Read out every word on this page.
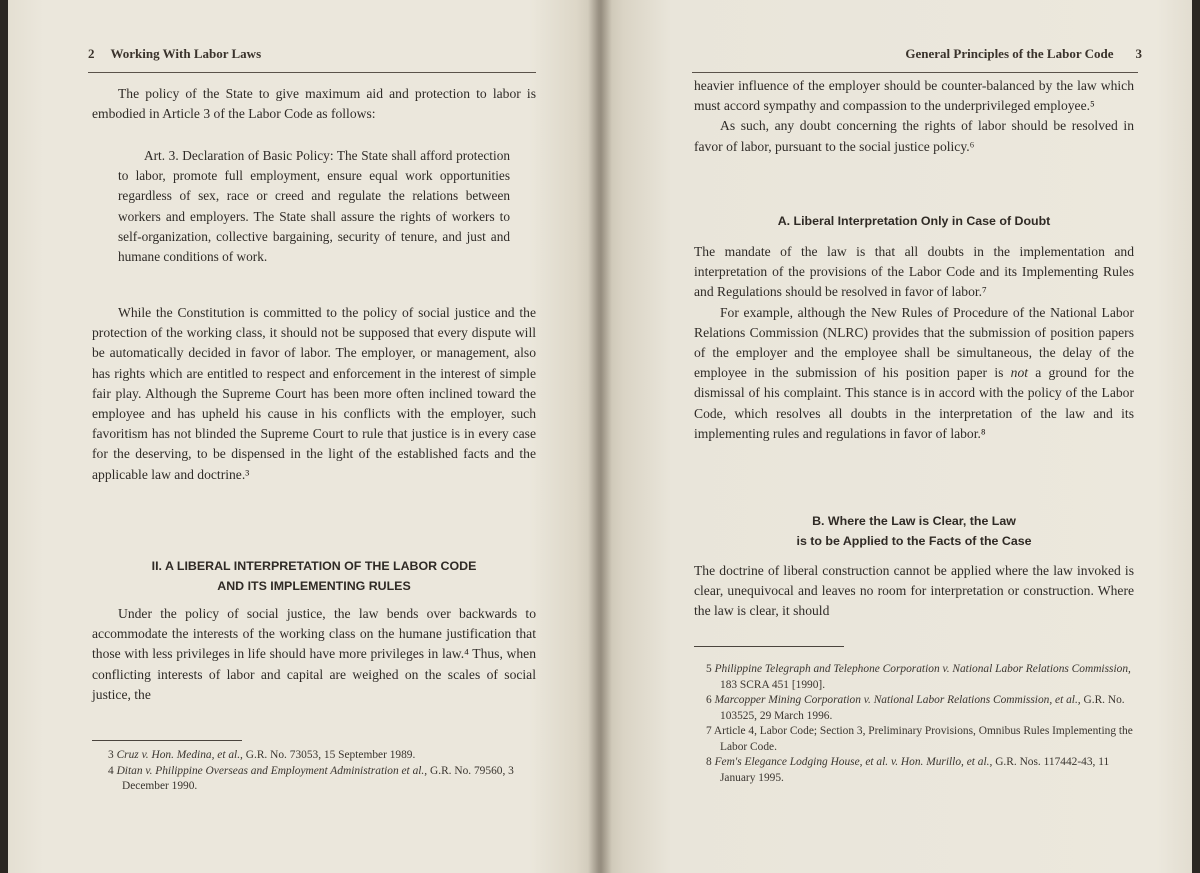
2 Working With Labor Laws

The policy of the State to give maximum aid and protection to labor is embodied in Article 3 of the Labor Code as follows:

Art. 3. Declaration of Basic Policy: The State shall afford protection to labor, promote full employment, ensure equal work opportunities regardless of sex, race or creed and regulate the relations between workers and employers. The State shall assure the rights of workers to self-organization, collective bargaining, security of tenure, and just and humane conditions of work.

While the Constitution is committed to the policy of social justice and the protection of the working class, it should not be supposed that every dispute will be automatically decided in favor of labor. The employer, or management, also has rights which are entitled to respect and enforcement in the interest of simple fair play. Although the Supreme Court has been more often inclined toward the employee and has upheld his cause in his conflicts with the employer, such favoritism has not blinded the Supreme Court to rule that justice is in every case for the deserving, to be dispensed in the light of the established facts and the applicable law and doctrine.³

II. A LIBERAL INTERPRETATION OF THE LABOR CODE
AND ITS IMPLEMENTING RULES

Under the policy of social justice, the law bends over backwards to accommodate the interests of the working class on the humane justification that those with less privileges in life should have more privileges in law.⁴ Thus, when conflicting interests of labor and capital are weighed on the scales of social justice, the

3 Cruz v. Hon. Medina, et al., G.R. No. 73053, 15 September 1989.

4 Ditan v. Philippine Overseas and Employment Administration et al., G.R. No. 79560, 3 December 1990.

General Principles of the Labor Code 3

heavier influence of the employer should be counter-balanced by the law which must accord sympathy and compassion to the underprivileged employee.⁵

As such, any doubt concerning the rights of labor should be resolved in favor of labor, pursuant to the social justice policy.⁶

A. Liberal Interpretation Only in Case of Doubt

The mandate of the law is that all doubts in the implementation and interpretation of the provisions of the Labor Code and its Implementing Rules and Regulations should be resolved in favor of labor.⁷

For example, although the New Rules of Procedure of the National Labor Relations Commission (NLRC) provides that the submission of position papers of the employer and the employee shall be simultaneous, the delay of the employee in the submission of his position paper is not a ground for the dismissal of his complaint. This stance is in accord with the policy of the Labor Code, which resolves all doubts in the interpretation of the law and its implementing rules and regulations in favor of labor.⁸

B. Where the Law is Clear, the Law
is to be Applied to the Facts of the Case

The doctrine of liberal construction cannot be applied where the law invoked is clear, unequivocal and leaves no room for interpretation or construction. Where the law is clear, it should

5 Philippine Telegraph and Telephone Corporation v. National Labor Relations Commission, 183 SCRA 451 [1990].

6 Marcopper Mining Corporation v. National Labor Relations Commission, et al., G.R. No. 103525, 29 March 1996.

7 Article 4, Labor Code; Section 3, Preliminary Provisions, Omnibus Rules Implementing the Labor Code.

8 Fem's Elegance Lodging House, et al. v. Hon. Murillo, et al., G.R. Nos. 117442-43, 11 January 1995.
